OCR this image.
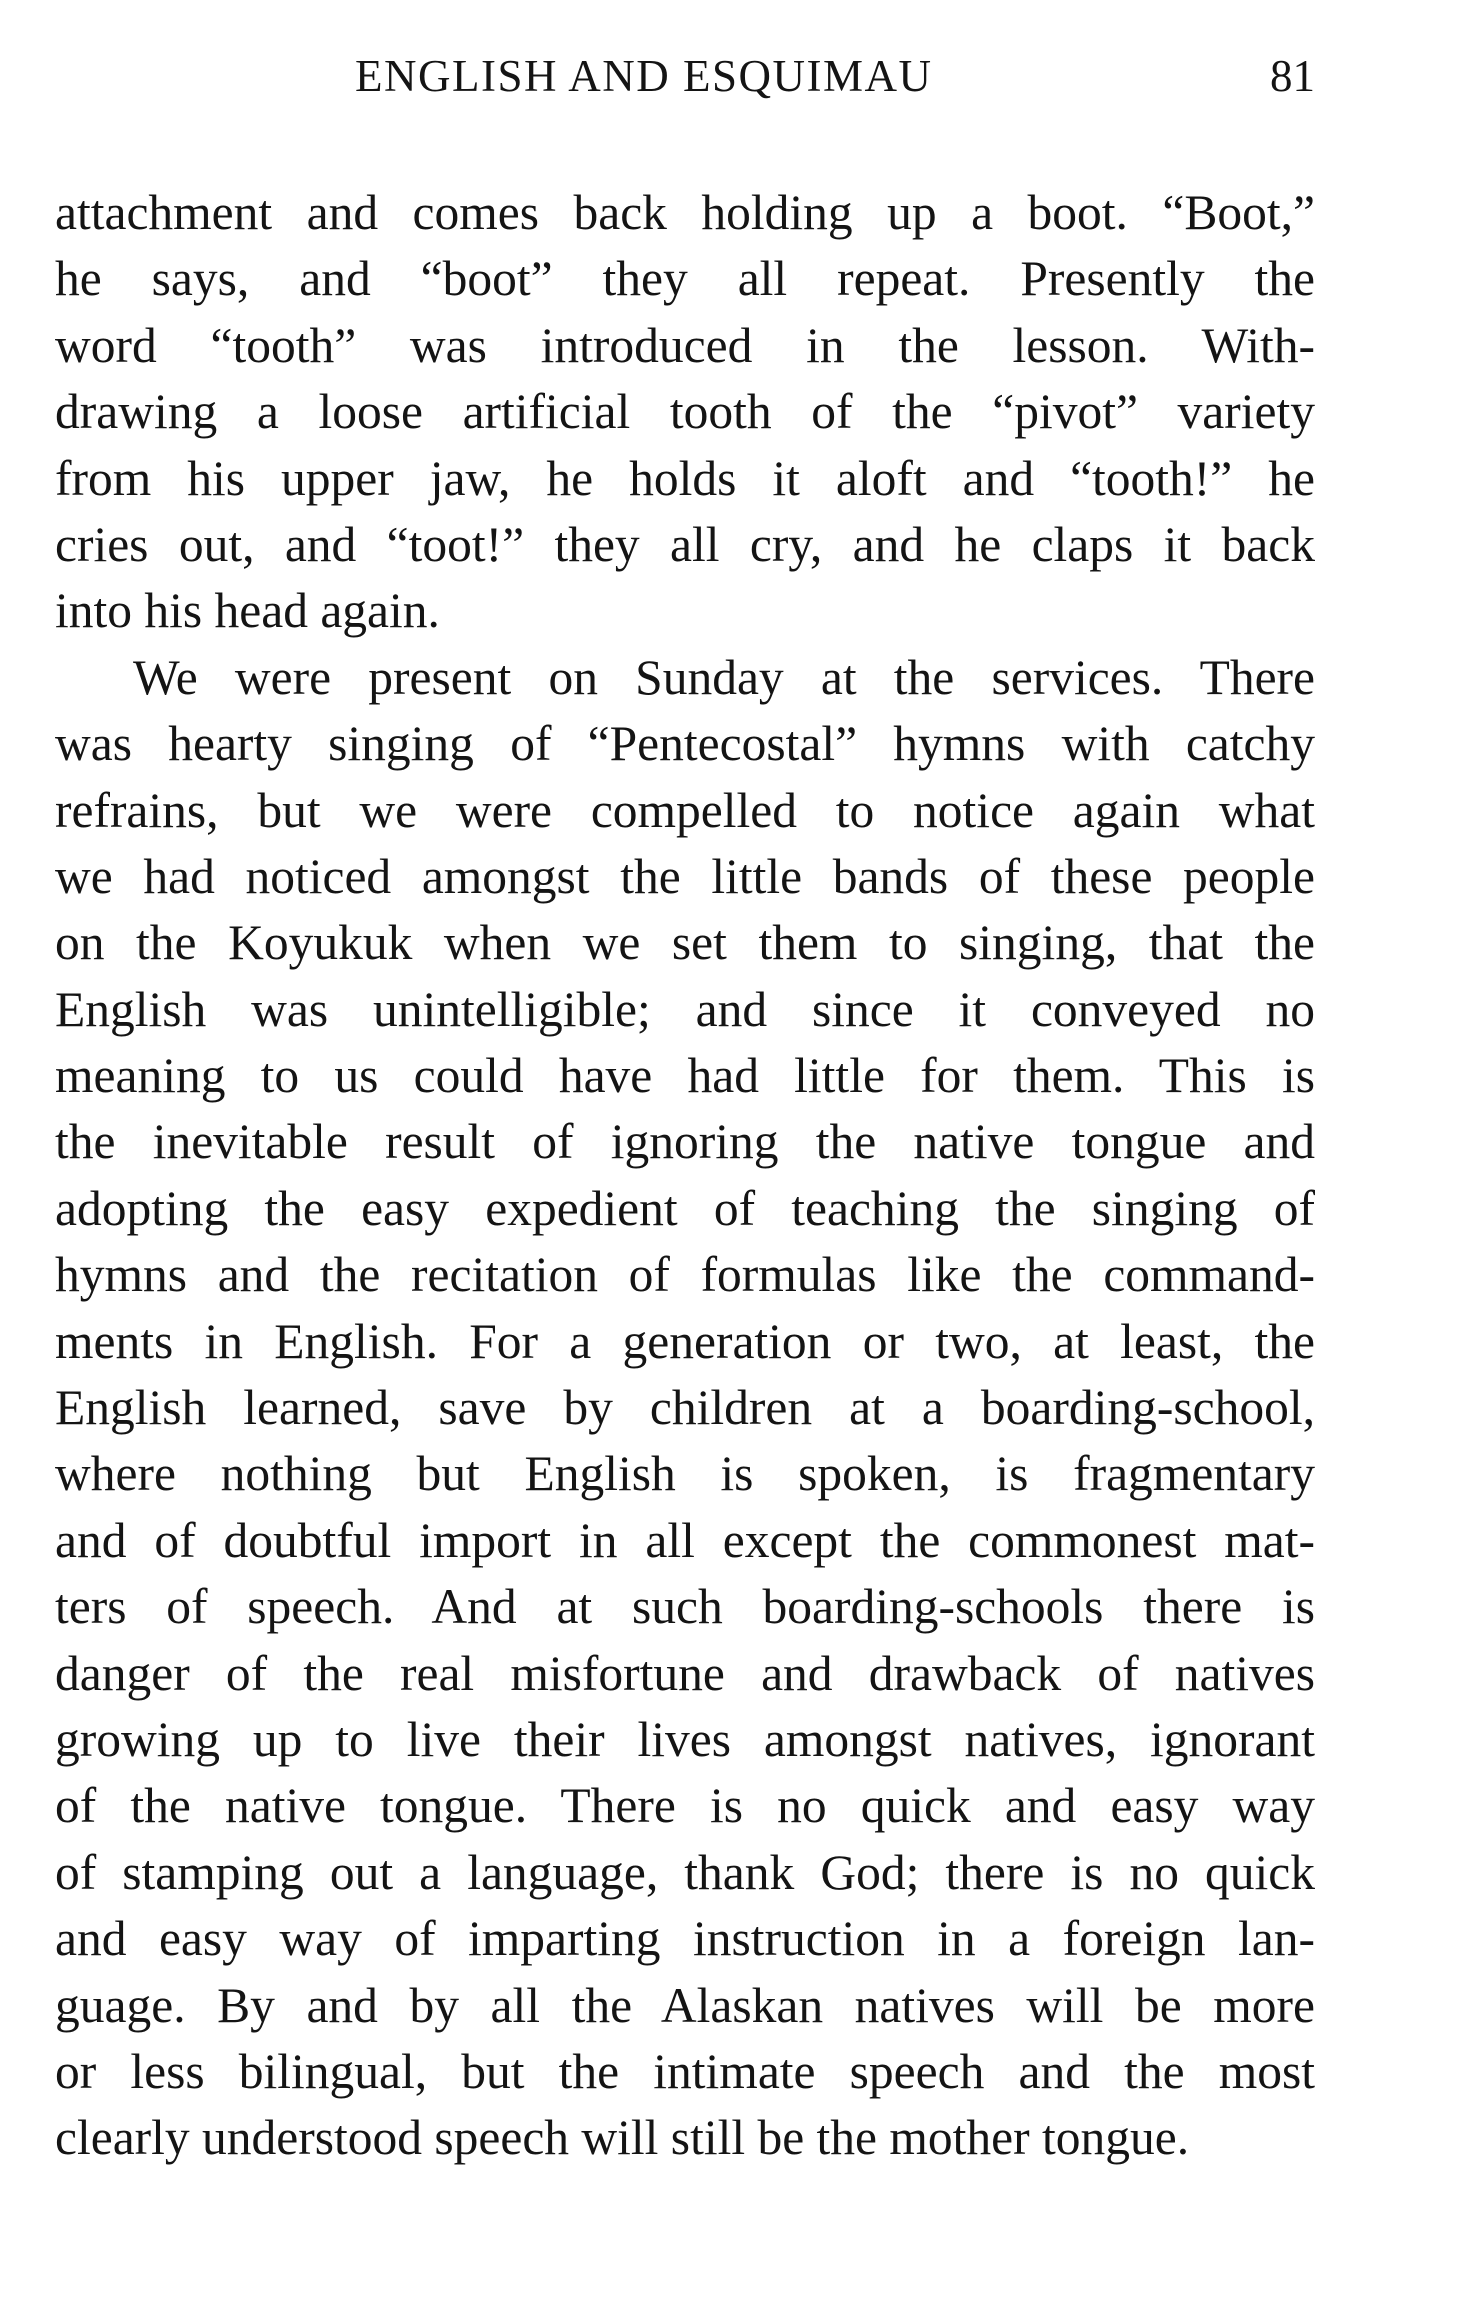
ENGLISH AND ESQUIMAU	81
attachment and comes back holding up a boot. “Boot,”
he says, and “boot” they all repeat. Presently the
word “tooth” was introduced in the lesson. With-
drawing a loose artificial tooth of the “pivot” variety
from his upper jaw, he holds it aloft and “tooth!” he
cries out, and “toot!” they all cry, and he claps it back
into his head again.
We were present on Sunday at the services. There
was hearty singing of “Pentecostal” hymns with catchy
refrains, but we were compelled to notice again what
we had noticed amongst the little bands of these people
on the Koyukuk when we set them to singing, that the
English was unintelligible; and since it conveyed no
meaning to us could have had little for them. This is
the inevitable result of ignoring the native tongue and
adopting the easy expedient of teaching the singing of
hymns and the recitation of formulas like the command-
ments in English. For a generation or two, at least, the
English learned, save by children at a boarding-school,
where nothing but English is spoken, is fragmentary
and of doubtful import in all except the commonest mat-
ters of speech. And at such boarding-schools there is
danger of the real misfortune and drawback of natives
growing up to live their lives amongst natives, ignorant
of the native tongue. There is no quick and easy way
of stamping out a language, thank God; there is no quick
and easy way of imparting instruction in a foreign lan-
guage. By and by all the Alaskan natives will be more
or less bilingual, but the intimate speech and the most
clearly understood speech will still be the mother tongue.
